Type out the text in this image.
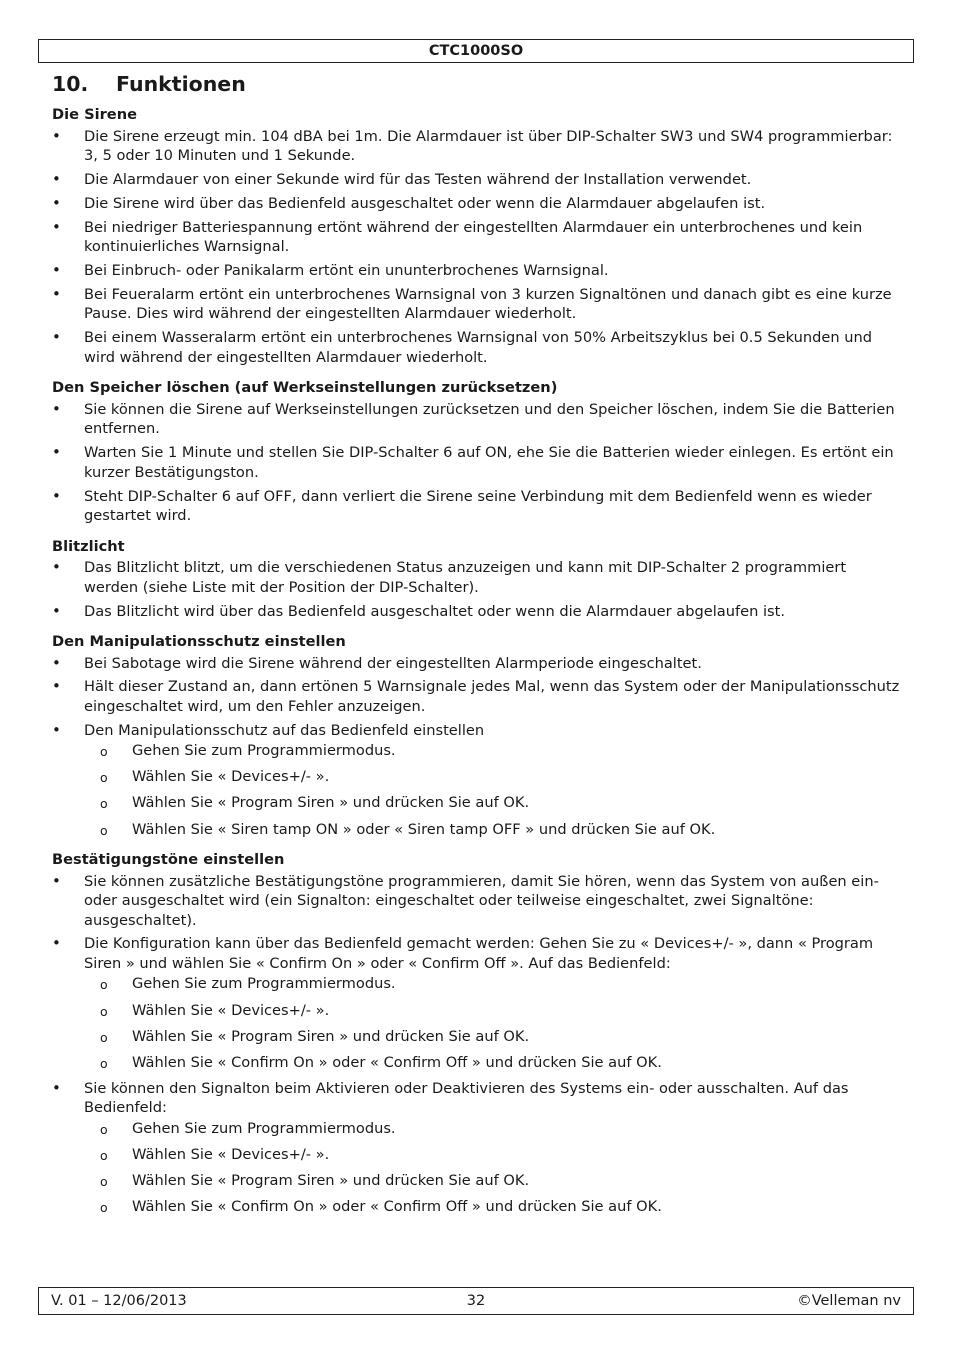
CTC1000SO
10. Funktionen
Die Sirene
• Die Sirene erzeugt min. 104 dBA bei 1m. Die Alarmdauer ist über DIP-Schalter SW3 und SW4 programmierbar: 3, 5 oder 10 Minuten und 1 Sekunde.
• Die Alarmdauer von einer Sekunde wird für das Testen während der Installation verwendet.
• Die Sirene wird über das Bedienfeld ausgeschaltet oder wenn die Alarmdauer abgelaufen ist.
• Bei niedriger Batteriespannung ertönt während der eingestellten Alarmdauer ein unterbrochenes und kein kontinuierliches Warnsignal.
• Bei Einbruch- oder Panikalarm ertönt ein ununterbrochenes Warnsignal.
• Bei Feueralarm ertönt ein unterbrochenes Warnsignal von 3 kurzen Signaltönen und danach gibt es eine kurze Pause. Dies wird während der eingestellten Alarmdauer wiederholt.
• Bei einem Wasseralarm ertönt ein unterbrochenes Warnsignal von 50% Arbeitszyklus bei 0.5 Sekunden und wird während der eingestellten Alarmdauer wiederholt.
Den Speicher löschen (auf Werkseinstellungen zurücksetzen)
• Sie können die Sirene auf Werkseinstellungen zurücksetzen und den Speicher löschen, indem Sie die Batterien entfernen.
• Warten Sie 1 Minute und stellen Sie DIP-Schalter 6 auf ON, ehe Sie die Batterien wieder einlegen. Es ertönt ein kurzer Bestätigungston.
• Steht DIP-Schalter 6 auf OFF, dann verliert die Sirene seine Verbindung mit dem Bedienfeld wenn es wieder gestartet wird.
Blitzlicht
• Das Blitzlicht blitzt, um die verschiedenen Status anzuzeigen und kann mit DIP-Schalter 2 programmiert werden (siehe Liste mit der Position der DIP-Schalter).
• Das Blitzlicht wird über das Bedienfeld ausgeschaltet oder wenn die Alarmdauer abgelaufen ist.
Den Manipulationsschutz einstellen
• Bei Sabotage wird die Sirene während der eingestellten Alarmperiode eingeschaltet.
• Hält dieser Zustand an, dann ertönen 5 Warnsignale jedes Mal, wenn das System oder der Manipulationsschutz eingeschaltet wird, um den Fehler anzuzeigen.
• Den Manipulationsschutz auf das Bedienfeld einstellen
o Gehen Sie zum Programmiermodus.
o Wählen Sie « Devices+/- ».
o Wählen Sie « Program Siren » und drücken Sie auf OK.
o Wählen Sie « Siren tamp ON » oder « Siren tamp OFF » und drücken Sie auf OK.
Bestätigungstöne einstellen
• Sie können zusätzliche Bestätigungstöne programmieren, damit Sie hören, wenn das System von außen ein- oder ausgeschaltet wird (ein Signalton: eingeschaltet oder teilweise eingeschaltet, zwei Signaltöne: ausgeschaltet).
• Die Konfiguration kann über das Bedienfeld gemacht werden: Gehen Sie zu « Devices+/- », dann « Program Siren » und wählen Sie « Confirm On » oder « Confirm Off ». Auf das Bedienfeld:
o Gehen Sie zum Programmiermodus.
o Wählen Sie « Devices+/- ».
o Wählen Sie « Program Siren » und drücken Sie auf OK.
o Wählen Sie « Confirm On » oder « Confirm Off » und drücken Sie auf OK.
• Sie können den Signalton beim Aktivieren oder Deaktivieren des Systems ein- oder ausschalten. Auf das Bedienfeld:
o Gehen Sie zum Programmiermodus.
o Wählen Sie « Devices+/- ».
o Wählen Sie « Program Siren » und drücken Sie auf OK.
o Wählen Sie « Confirm On » oder « Confirm Off » und drücken Sie auf OK.
V. 01 – 12/06/2013	32	©Velleman nv
